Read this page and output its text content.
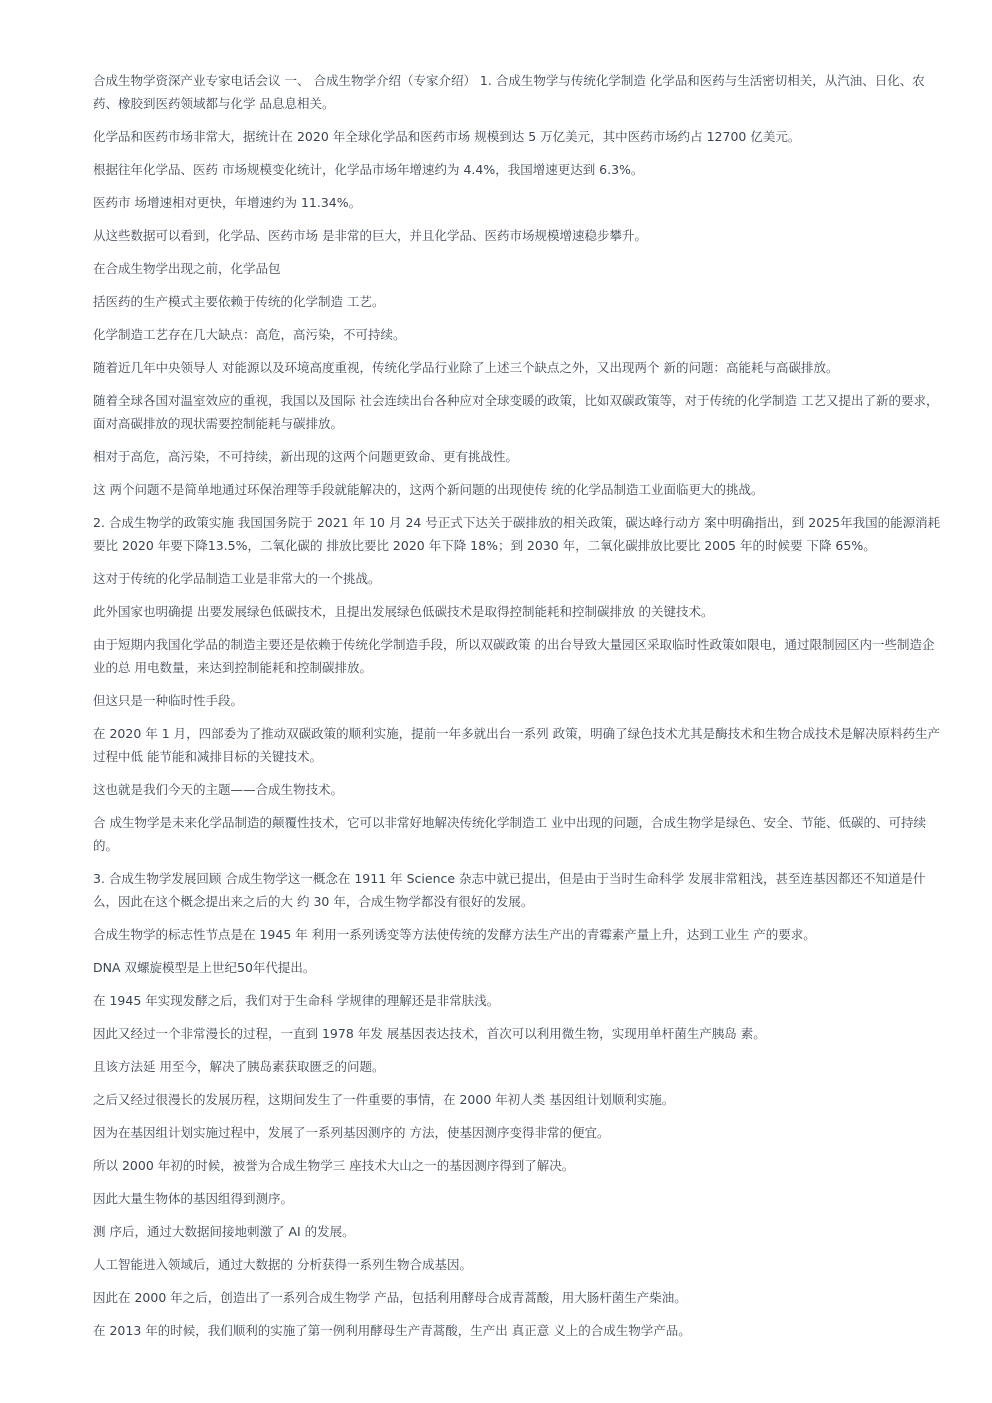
合成生物学资深产业专家电话会议 一、 合成生物学介绍（专家介绍） 1. 合成生物学与传统化学制造 化学品和医药与生活密切相关，从汽油、日化、农药、橡胶到医药领域都与化学 品息息相关。

化学品和医药市场非常大，据统计在 2020 年全球化学品和医药市场 规模到达 5 万亿美元，其中医药市场约占 12700 亿美元。

根据往年化学品、医药 市场规模变化统计，化学品市场年增速约为 4.4%，我国增速更达到 6.3%。

医药市 场增速相对更快，年增速约为 11.34%。

从这些数据可以看到，化学品、医药市场 是非常的巨大，并且化学品、医药市场规模增速稳步攀升。

在合成生物学出现之前，化学品包

括医药的生产模式主要依赖于传统的化学制造 工艺。

化学制造工艺存在几大缺点：高危，高污染，不可持续。

随着近几年中央领导人 对能源以及环境高度重视，传统化学品行业除了上述三个缺点之外，又出现两个 新的问题：高能耗与高碳排放。

随着全球各国对温室效应的重视，我国以及国际 社会连续出台各种应对全球变暖的政策，比如双碳政策等，对于传统的化学制造 工艺又提出了新的要求，面对高碳排放的现状需要控制能耗与碳排放。

相对于高危，高污染，不可持续，新出现的这两个问题更致命、更有挑战性。

这 两个问题不是简单地通过环保治理等手段就能解决的，这两个新问题的出现使传 统的化学品制造工业面临更大的挑战。

2. 合成生物学的政策实施 我国国务院于 2021 年 10 月 24 号正式下达关于碳排放的相关政策，碳达峰行动方 案中明确指出，到 2025年我国的能源消耗要比 2020 年要下降13.5%，二氧化碳的 排放比要比 2020 年下降 18%；到 2030 年，二氧化碳排放比要比 2005 年的时候要 下降 65%。

这对于传统的化学品制造工业是非常大的一个挑战。

此外国家也明确提 出要发展绿色低碳技术，且提出发展绿色低碳技术是取得控制能耗和控制碳排放 的关键技术。

由于短期内我国化学品的制造主要还是依赖于传统化学制造手段，所以双碳政策 的出台导致大量园区采取临时性政策如限电，通过限制园区内一些制造企业的总 用电数量，来达到控制能耗和控制碳排放。

但这只是一种临时性手段。

在 2020 年 1 月，四部委为了推动双碳政策的顺利实施，提前一年多就出台一系列 政策，明确了绿色技术尤其是酶技术和生物合成技术是解决原料药生产过程中低 能节能和减排目标的关键技术。

这也就是我们今天的主题——合成生物技术。

合 成生物学是未来化学品制造的颠覆性技术，它可以非常好地解决传统化学制造工 业中出现的问题，合成生物学是绿色、安全、节能、低碳的、可持续的。

3. 合成生物学发展回顾 合成生物学这一概念在 1911 年 Science 杂志中就已提出，但是由于当时生命科学 发展非常粗浅，甚至连基因都还不知道是什么，因此在这个概念提出来之后的大 约 30 年，合成生物学都没有很好的发展。

合成生物学的标志性节点是在 1945 年 利用一系列诱变等方法使传统的发酵方法生产出的青霉素产量上升，达到工业生 产的要求。

DNA 双螺旋模型是上世纪50年代提出。

在 1945 年实现发酵之后，我们对于生命科 学规律的理解还是非常肤浅。

因此又经过一个非常漫长的过程，一直到 1978 年发 展基因表达技术，首次可以利用微生物，实现用单杆菌生产胰岛 素。

且该方法延 用至今，解决了胰岛素获取匮乏的问题。

之后又经过很漫长的发展历程，这期间发生了一件重要的事情，在 2000 年初人类 基因组计划顺利实施。

因为在基因组计划实施过程中，发展了一系列基因测序的 方法，使基因测序变得非常的便宜。

所以 2000 年初的时候，被誉为合成生物学三 座技术大山之一的基因测序得到了解决。

因此大量生物体的基因组得到测序。

测 序后，通过大数据间接地刺激了 AI 的发展。

人工智能进入领域后，通过大数据的 分析获得一系列生物合成基因。

因此在 2000 年之后，创造出了一系列合成生物学 产品，包括利用酵母合成青蒿酸，用大肠杆菌生产柴油。

在 2013 年的时候，我们顺利的实施了第一例利用酵母生产青蒿酸，生产出 真正意 义上的合成生物学产品。
